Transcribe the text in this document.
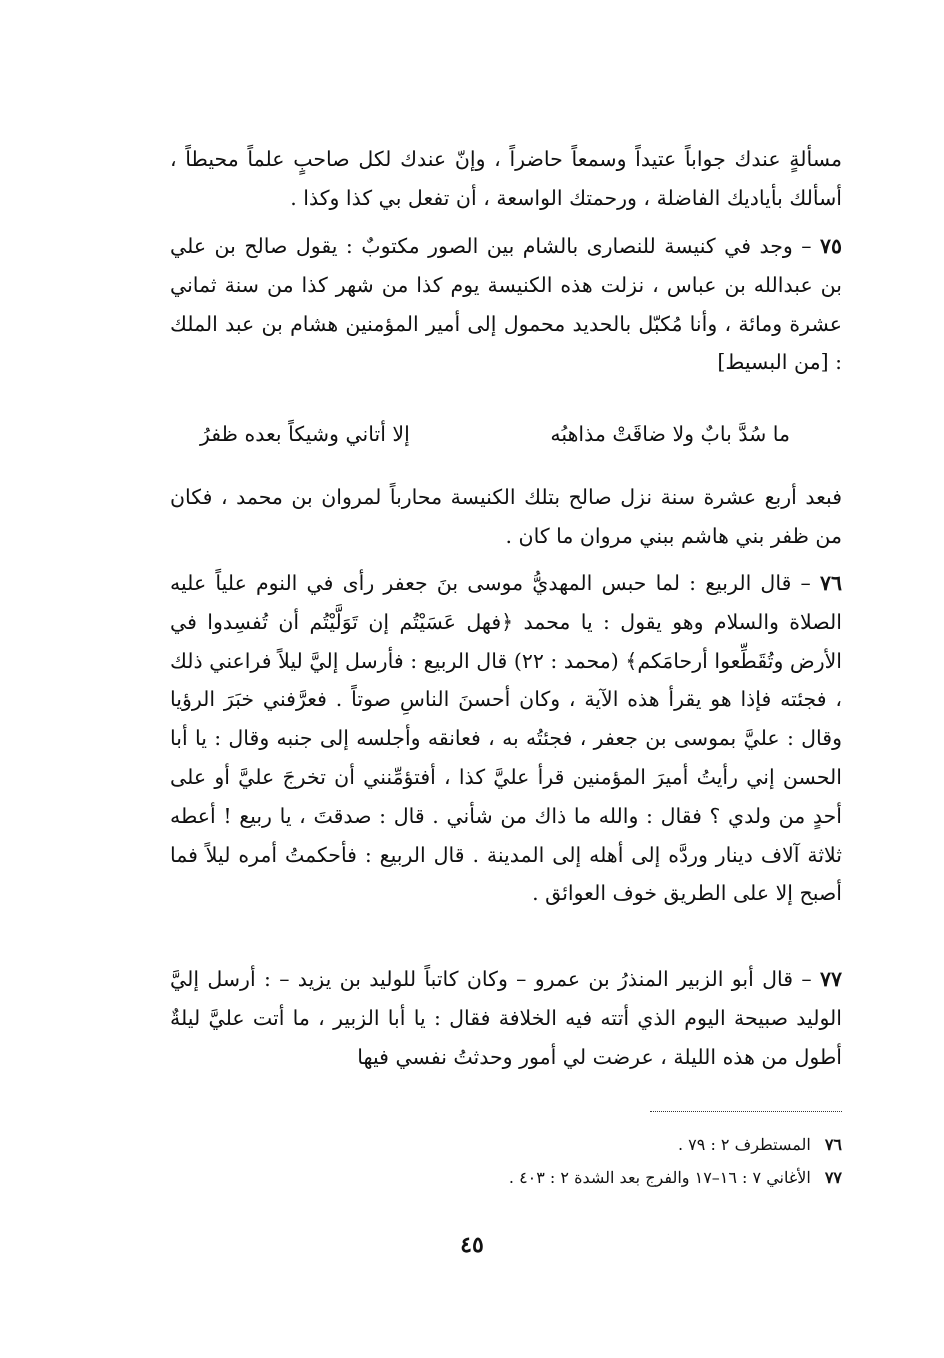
مسألةٍ عندك جواباً عتيداً وسمعاً حاضراً ، وإنّ عندك لكل صاحبٍ علماً محيطاً ، أسألك بأياديك الفاضلة ، ورحمتك الواسعة ، أن تفعل بي كذا وكذا .

٧٥ – وجد في كنيسة للنصارى بالشام بين الصور مكتوبٌ : يقول صالح بن علي بن عبدالله بن عباس ، نزلت هذه الكنيسة يوم كذا من شهر كذا من سنة ثماني عشرة ومائة ، وأنا مُكبّل بالحديد محمول إلى أمير المؤمنين هشام بن عبد الملك : [من البسيط]

ما سُدَّ بابٌ ولا ضاقَتْ مذاهبُه
إلا أتاني وشيكاً بعده ظفرُ

فبعد أربع عشرة سنة نزل صالح بتلك الكنيسة محارباً لمروان بن محمد ، فكان من ظفر بني هاشم ببني مروان ما كان .

٧٦ – قال الربيع : لما حبس المهديُّ موسى بنَ جعفر رأى في النوم علياً عليه الصلاة والسلام وهو يقول : يا محمد ﴿فهل عَسَيْتُم إن تَوَلَّيْتُم أن تُفسِدوا في الأرض وتُقَطِّعوا أرحامَكم﴾ (محمد : ٢٢) قال الربيع : فأرسل إليَّ ليلاً فراعني ذلك ، فجئته فإذا هو يقرأ هذه الآية ، وكان أحسنَ الناسِ صوتاً . فعرَّفني خبَرَ الرؤيا وقال : عليَّ بموسى بن جعفر ، فجئتُه به ، فعانقه وأجلسه إلى جنبه وقال : يا أبا الحسن إني رأيتُ أميرَ المؤمنين قرأ عليَّ كذا ، أفتؤمِّنني أن تخرجَ عليَّ أو على أحدٍ من ولدي ؟ فقال : والله ما ذاك من شأني . قال : صدقتَ ، يا ربيع ! أعطه ثلاثة آلاف دينار وردَّه إلى أهله إلى المدينة . قال الربيع : فأحكمتُ أمره ليلاً فما أصبح إلا على الطريق خوف العوائق .

٧٧ – قال أبو الزبير المنذرُ بن عمرو – وكان كاتباً للوليد بن يزيد – : أرسل إليَّ الوليد صبيحة اليوم الذي أتته فيه الخلافة فقال : يا أبا الزبير ، ما أتت عليَّ ليلةٌ أطول من هذه الليلة ، عرضت لي أمور وحدثتُ نفسي فيها

٧٦المستطرف ٢ : ٧٩ .

٧٧الأغاني ٧ : ١٦–١٧ والفرج بعد الشدة ٢ : ٤٠٣ .

٤٥
